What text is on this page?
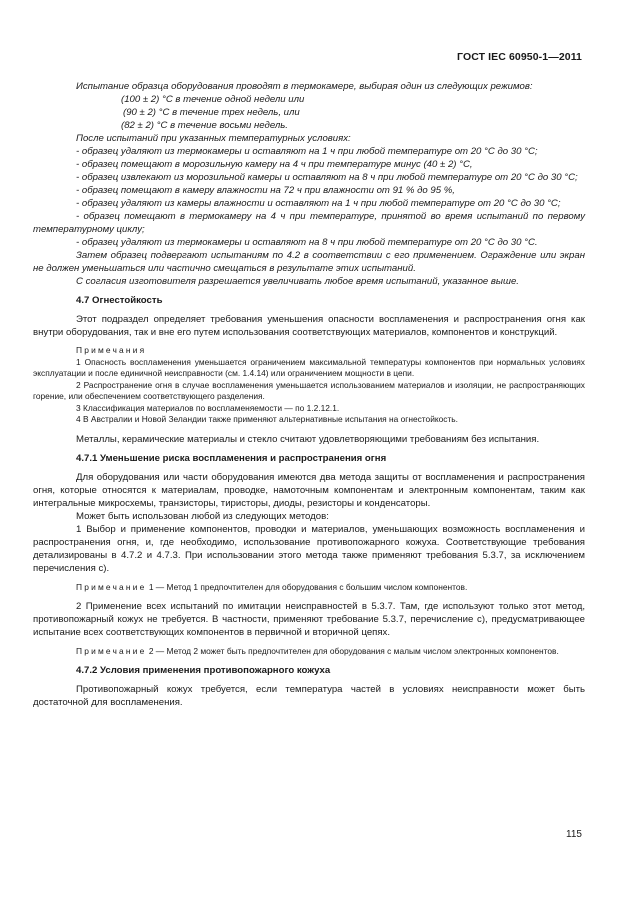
ГОСТ IEC 60950-1—2011

Испытание образца оборудования проводят в термокамере, выбирая один из следующих режимов:

(100 ± 2) °C в течение одной недели или

(90 ± 2) °C в течение трех недель, или

(82 ± 2) °C в течение восьми недель.

После испытаний при указанных температурных условиях:

- образец удаляют из термокамеры и оставляют на 1 ч при любой температуре от 20 °C до 30 °C;

- образец помещают в морозильную камеру на 4 ч при температуре минус (40 ± 2) °C,

- образец извлекают из морозильной камеры и оставляют на 8 ч при любой температуре от 20 °C до 30 °C;

- образец помещают в камеру влажности на 72 ч при влажности от 91 % до 95 %,

- образец удаляют из камеры влажности и оставляют на 1 ч при любой температуре от 20 °C до 30 °C;

- образец помещают в термокамеру на 4 ч при температуре, принятой во время испытаний по первому температурному циклу;

- образец удаляют из термокамеры и оставляют на 8 ч при любой температуре от 20 °C до 30 °C.

Затем образец подвергают испытаниям по 4.2 в соответствии с его применением. Ограждение или экран не должен уменьшаться или частично смещаться в результате этих испытаний.

С согласия изготовителя разрешается увеличивать любое время испытаний, указанное выше.

4.7 Огнестойкость

Этот подраздел определяет требования уменьшения опасности воспламенения и распространения огня как внутри оборудования, так и вне его путем использования соответствующих материалов, компонентов и конструкций.

Примечания

1 Опасность воспламенения уменьшается ограничением максимальной температуры компонентов при нормальных условиях эксплуатации и после единичной неисправности (см. 1.4.14) или ограничением мощности в цепи.

2 Распространение огня в случае воспламенения уменьшается использованием материалов и изоляции, не распространяющих горение, или обеспечением соответствующего разделения.

3 Классификация материалов по воспламеняемости — по 1.2.12.1.

4 В Австралии и Новой Зеландии также применяют альтернативные испытания на огнестойкость.

Металлы, керамические материалы и стекло считают удовлетворяющими требованиям без испытания.

4.7.1 Уменьшение риска воспламенения и распространения огня

Для оборудования или части оборудования имеются два метода защиты от воспламенения и распространения огня, которые относятся к материалам, проводке, намоточным компонентам и электронным компонентам, таким как интегральные микросхемы, транзисторы, тиристоры, диоды, резисторы и конденсаторы.

Может быть использован любой из следующих методов:

1 Выбор и применение компонентов, проводки и материалов, уменьшающих возможность воспламенения и распространения огня, и, где необходимо, использование противопожарного кожуха. Соответствующие требования детализированы в 4.7.2 и 4.7.3. При использовании этого метода также применяют требования 5.3.7, за исключением перечисления с).

Примечание 1 — Метод 1 предпочтителен для оборудования с большим числом компонентов.

2 Применение всех испытаний по имитации неисправностей в 5.3.7. Там, где используют только этот метод, противопожарный кожух не требуется. В частности, применяют требование 5.3.7, перечисление с), предусматривающее испытание всех соответствующих компонентов в первичной и вторичной цепях.

Примечание 2 — Метод 2 может быть предпочтителен для оборудования с малым числом электронных компонентов.

4.7.2 Условия применения противопожарного кожуха

Противопожарный кожух требуется, если температура частей в условиях неисправности может быть достаточной для воспламенения.

115
